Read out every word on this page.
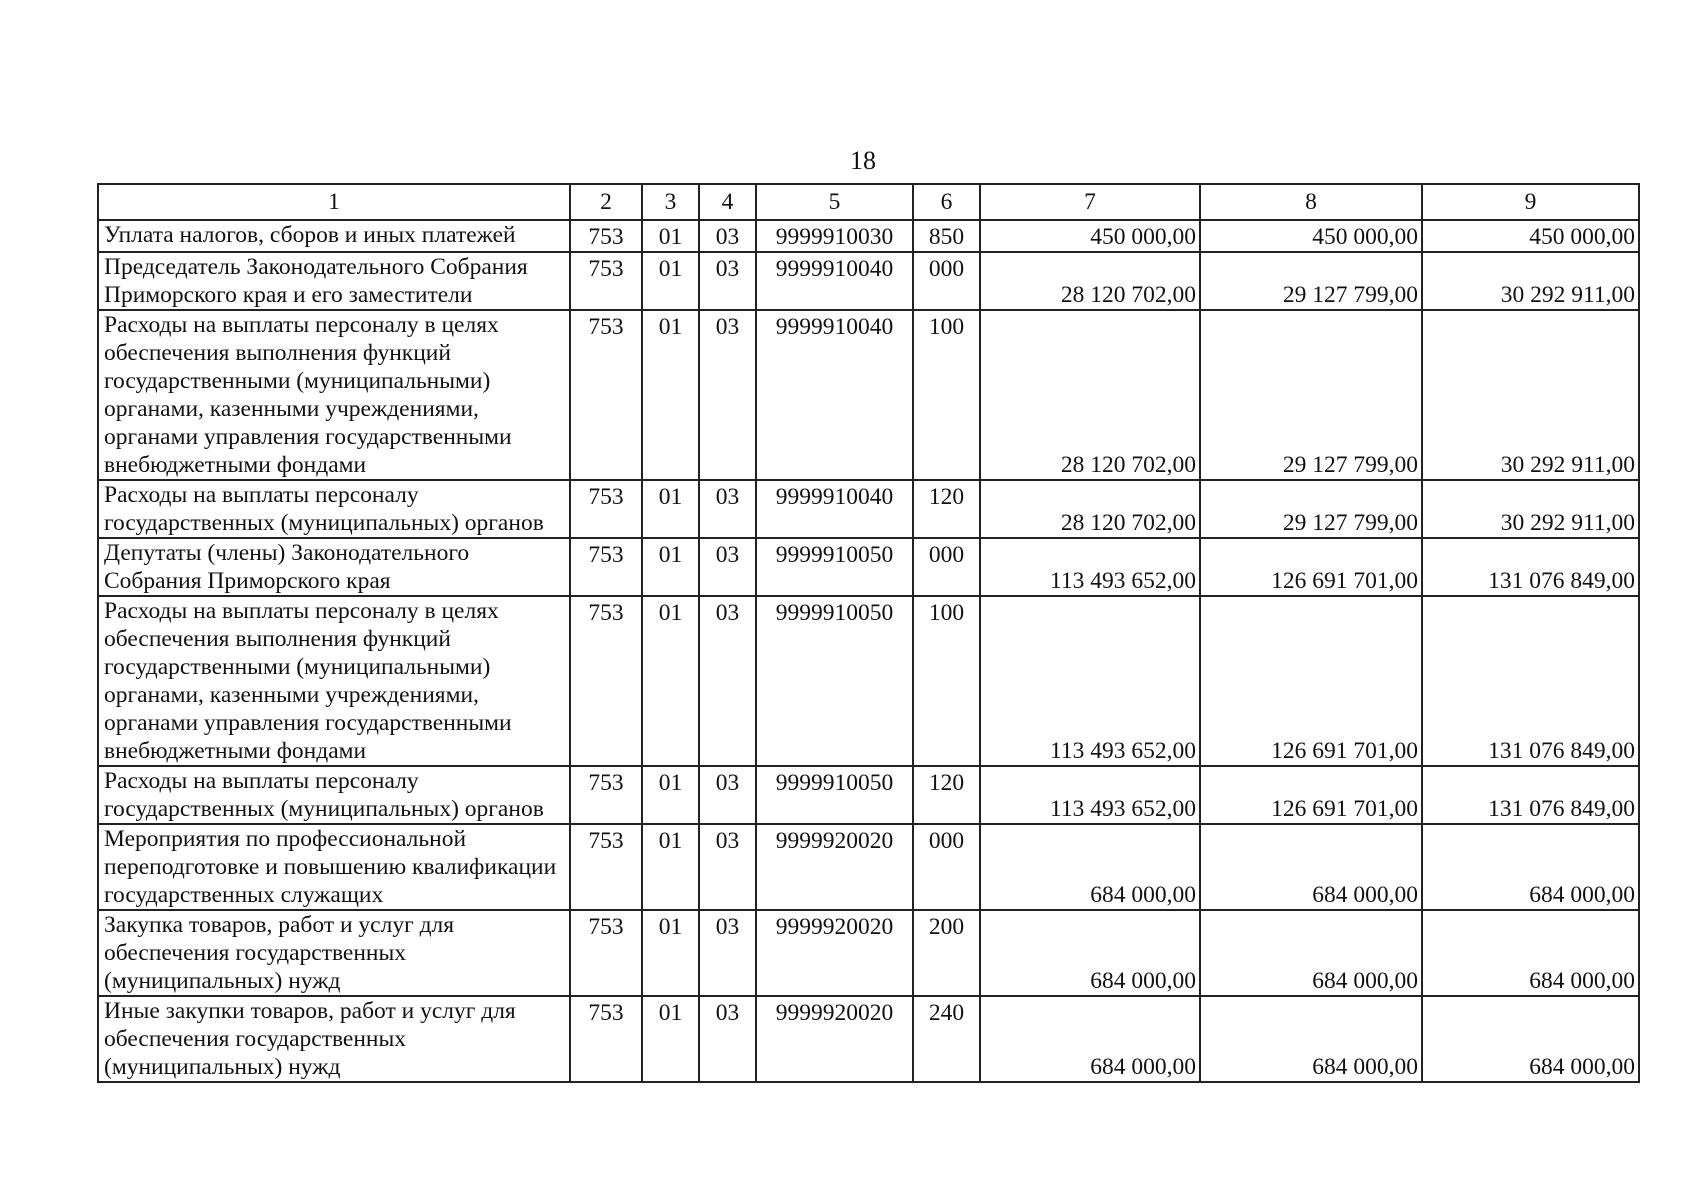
18
1	2	3	4	5	6	7	8	9
Уплата налогов, сборов и иных платежей	753	01	03	9999910030	850	450 000,00	450 000,00	450 000,00
Председатель Законодательного Собрания Приморского края и его заместители	753	01	03	9999910040	000	28 120 702,00	29 127 799,00	30 292 911,00
Расходы на выплаты персоналу в целях обеспечения выполнения функций государственными (муниципальными) органами, казенными учреждениями, органами управления государственными внебюджетными фондами	753	01	03	9999910040	100	28 120 702,00	29 127 799,00	30 292 911,00
Расходы на выплаты персоналу государственных (муниципальных) органов	753	01	03	9999910040	120	28 120 702,00	29 127 799,00	30 292 911,00
Депутаты (члены) Законодательного Собрания Приморского края	753	01	03	9999910050	000	113 493 652,00	126 691 701,00	131 076 849,00
Расходы на выплаты персоналу в целях обеспечения выполнения функций государственными (муниципальными) органами, казенными учреждениями, органами управления государственными внебюджетными фондами	753	01	03	9999910050	100	113 493 652,00	126 691 701,00	131 076 849,00
Расходы на выплаты персоналу государственных (муниципальных) органов	753	01	03	9999910050	120	113 493 652,00	126 691 701,00	131 076 849,00
Мероприятия по профессиональной переподготовке и повышению квалификации государственных служащих	753	01	03	9999920020	000	684 000,00	684 000,00	684 000,00
Закупка товаров, работ и услуг для обеспечения государственных (муниципальных) нужд	753	01	03	9999920020	200	684 000,00	684 000,00	684 000,00
Иные закупки товаров, работ и услуг для обеспечения государственных (муниципальных) нужд	753	01	03	9999920020	240	684 000,00	684 000,00	684 000,00
